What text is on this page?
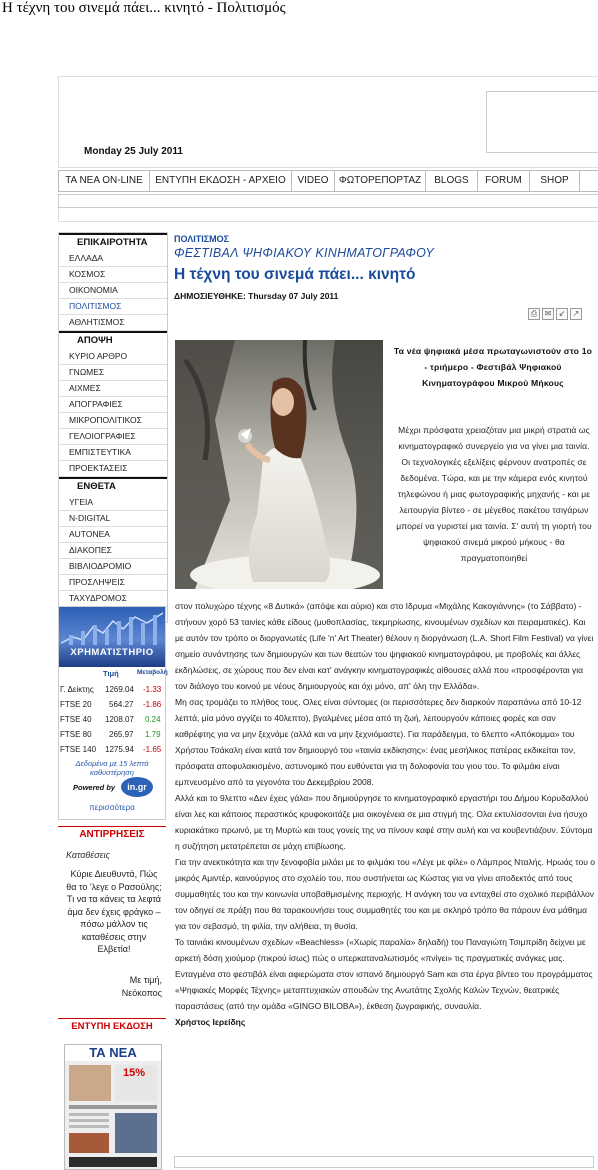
Η τέχνη του σινεμά πάει... κινητό - Πολιτισμός
Monday 25 July 2011
ΤΑ ΝΕΑ ON-LINE	ΕΝΤΥΠΗ ΕΚΔΟΣΗ - ΑΡΧΕΙΟ	VIDEO	ΦΩΤΟΡΕΠΟΡΤΑΖ	BLOGS	FORUM	SHOP
ΕΠΙΚΑΙΡΟΤΗΤΑ
ΕΛΛΑΔΑ
ΚΟΣΜΟΣ
ΟΙΚΟΝΟΜΙΑ
ΠΟΛΙΤΙΣΜΟΣ
ΑΘΛΗΤΙΣΜΟΣ
ΑΠΟΨΗ
ΚΥΡΙΟ ΑΡΘΡΟ
ΓΝΩΜΕΣ
ΑΙΧΜΕΣ
ΑΠΟΓΡΑΦΙΕΣ
ΜΙΚΡΟΠΟΛΙΤΙΚΟΣ
ΓΕΛΟΙΟΓΡΑΦΙΕΣ
ΕΜΠΙΣΤΕΥΤΙΚΑ
ΠΡΟΕΚΤΑΣΕΙΣ
ΕΝΘΕΤΑ
ΥΓΕΙΑ
N-DIGITAL
AUTONEA
ΔΙΑΚΟΠΕΣ
ΒΙΒΛΙΟΔΡΟΜΙΟ
ΠΡΟΣΛΗΨΕΙΣ
ΤΑΧΥΔΡΟΜΟΣ
ΧΡΗΜΑΤΙΣΤΗΡΙΟ
Τιμή	Μεταβολή
Γ. Δείκτης 1269.04 -1.33
FTSE 20 564.27 -1.86
FTSE 40 1208.07 0.24
FTSE 80 265.97 1.79
FTSE 140 1275.94 -1.65
Δεδομένα με 15 λεπτά καθυστέρηση
Powered by	in.gr
περισσότερα
ΑΝΤΙΡΡΗΣΕΙΣ
Καταθέσεις
Κύριε Διευθυντά, Πώς θα το 'λεγε ο Ρασούλης; Τι να τα κάνεις τα λεφτά άμα δεν έχεις φράγκο – πόσω μάλλον τις καταθέσεις στην Ελβετία!
Με τιμή,
Νεόκοπος
ΕΝΤΥΠΗ ΕΚΔΟΣΗ
ΤΑ ΝΕΑ
15%
ΠΟΛΙΤΙΣΜΟΣ
ΦΕΣΤΙΒΑΛ ΨΗΦΙΑΚΟΥ ΚΙΝΗΜΑΤΟΓΡΑΦΟΥ
Η τέχνη του σινεμά πάει... κινητό
ΔΗΜΟΣΙΕΥΘΗΚΕ: Thursday 07 July 2011
⎙ ✉ ↙ ↗
Τα νέα ψηφιακά μέσα πρωταγωνιστούν στο 1ο - τριήμερο - Φεστιβάλ Ψηφιακού Κινηματογράφου Μικρού Μήκους
Μέχρι πρόσφατα χρειαζόταν μια μικρή στρατιά ως κινηματογραφικό συνεργείο για να γίνει μια ταινία. Οι τεχνολογικές εξελίξεις φέρνουν ανατροπές σε δεδομένα. Τώρα, και με την κάμερα ενός κινητού τηλεφώνου ή μιας φωτογραφικής μηχανής - και με λειτουργία βίντεο - σε μέγεθος πακέτου τσιγάρων μπορεί να γυριστεί μια ταινία. Σ' αυτή τη γιορτή του ψηφιακού σινεμά μικρού μήκους - θα πραγματοποιηθεί

στον πολυχώρο τέχνης «8 Δυτικά» (απόψε και αύριο) και στο Ιδρυμα «Μιχάλης Κακογιάννης» (το Σάββατο) - στήνουν χορό 53 ταινίες κάθε είδους (μυθοπλασίας, τεκμηρίωσης, κινουμένων σχεδίων και πειραματικές). Και με αυτόν τον τρόπο οι διοργανωτές (Life 'n' Art Theater) θέλουν η διοργάνωση (L.A. Short Film Festival) να γίνει σημείο συνάντησης των δημιουργών και των θεατών του ψηφιακού κινηματογράφου, με προβολές και άλλες εκδηλώσεις, σε χώρους που δεν είναι κατ' ανάγκην κινηματογραφικές αίθουσες αλλά που «προσφέρονται για τον διάλογο του κοινού με νέους δημιουργούς και όχι μόνο, απ' όλη την Ελλάδα».

Μη σας τρομάζει το πλήθος τους. Ολες είναι σύντομες (οι περισσότερες δεν διαρκούν παραπάνω από 10-12 λεπτά, μία μόνο αγγίζει το 40λεπτο), βγαλμένες μέσα από τη ζωή, λειτουργούν κάποιες φορές και σαν καθρέφτης για να μην ξεχνάμε (αλλά και να μην ξεχνιόμαστε). Για παράδειγμα, το 6λεπτο «Απόκομμα» του Χρήστου Τσάκαλη είναι κατά τον δημιουργό του «ταινία εκδίκησης»: ένας μεσήλικος πατέρας εκδικείται τον, πρόσφατα αποφυλακισμένο, αστυνομικό που ευθύνεται για τη δολοφονία του γιου του. Το φιλμάκι είναι εμπνευσμένο από τα γεγονότα του Δεκεμβρίου 2008.

Αλλά και το 9λεπτο «Δεν έχεις γάλα» που δημιούργησε το κινηματογραφικό εργαστήρι του Δήμου Κορυδαλλού είναι λες και κάποιος περαστικός κρυφοκοιτάζε μια οικογένεια σε μια στιγμή της. Ολα εκτυλίσσονται ένα ήσυχο κυριακάτικο πρωινό, με τη Μυρτώ και τους γονείς της να πίνουν καφέ στην αυλή και να κουβεντιάζουν. Σύντομα η συζήτηση μετατρέπεται σε μάχη επιβίωσης.

Για την ανεκτικότητα και την ξενοφοβία μιλάει με το φιλμάκι του «Λέγε με φίλε» ο Λάμπρος Νταλής. Ηρωάς του ο μικρός Αμιντέρ, καινούργιος στο σχολείο του, που συστήνεται ως Κώστας για να γίνει αποδεκτός από τους συμμαθητές του και την κοινωνία υποβαθμισμένης περιοχής. Η ανάγκη του να ενταχθεί στο σχολικό περιβάλλον τον οδηγεί σε πράξη που θα ταρακουνήσει τους συμμαθητές του και με σκληρό τρόπο θα πάρουν ένα μάθημα για τον σεβασμό, τη φιλία, την αλήθεια, τη θυσία.

Το ταινιάκι κινουμένων σχεδίων «Beachless» («Χωρίς παραλία» δηλαδή) του Παναγιώτη Τσιμπρίδη δείχνει με αρκετή δόση χιούμορ (πικρού ίσως) πώς ο υπερκαταναλωτισμός «πνίγει» τις πραγματικές ανάγκες μας.

Ενταγμένα στο φεστιβάλ είναι αφιερώματα στον ισπανό δημιουργό Sam και στα έργα βίντεο του προγράμματος «Ψηφιακές Μορφές Τέχνης» μεταπτυχιακών σπουδών της Ανωτάτης Σχολής Καλών Τεχνών, θεατρικές παραστάσεις (από την ομάδα «GINGO BILOBA»), έκθεση ζωγραφικής, συναυλία.

Χρήστος Ιερείδης
